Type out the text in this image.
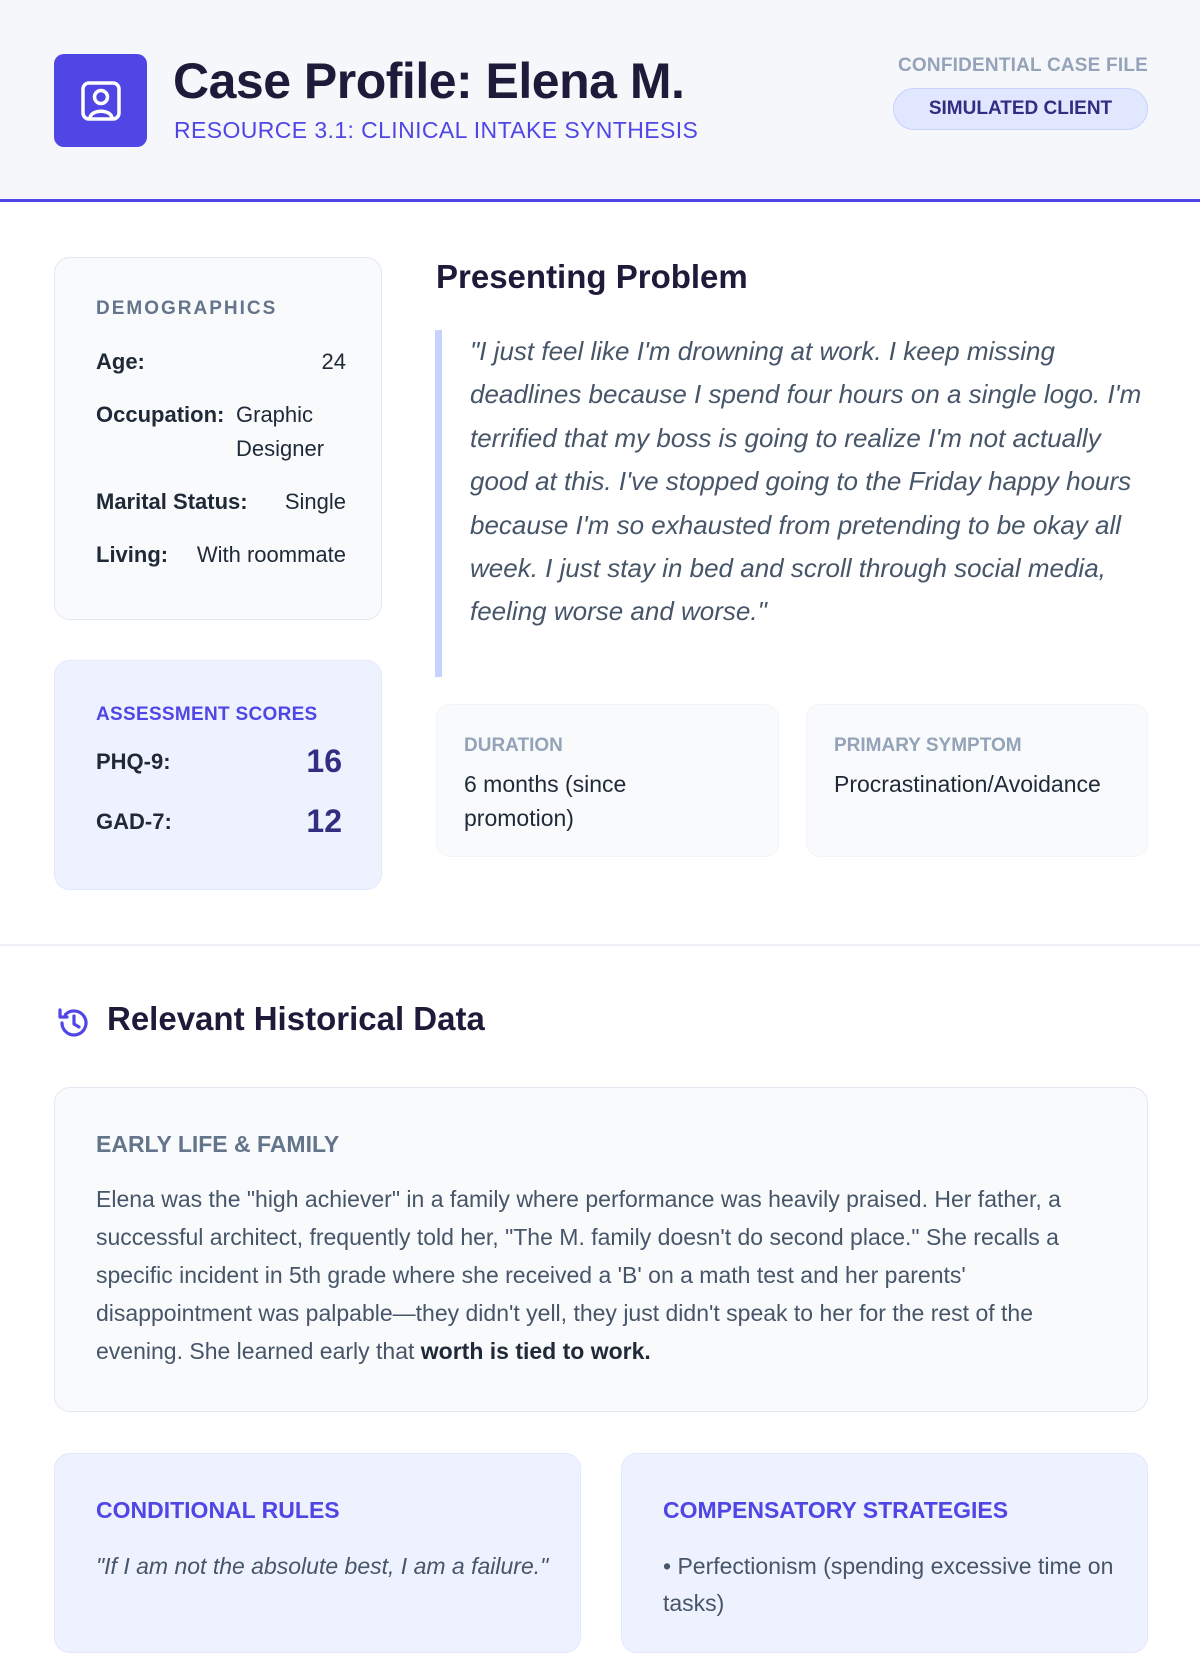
Case Profile: Elena M.
RESOURCE 3.1: CLINICAL INTAKE SYNTHESIS
CONFIDENTIAL CASE FILE
SIMULATED CLIENT
DEMOGRAPHICS
Age:	24
Occupation: Graphic Designer
Marital Status: Single
Living: With roommate
ASSESSMENT SCORES
PHQ-9:	16
GAD-7:	12
Presenting Problem
"I just feel like I'm drowning at work. I keep missing deadlines because I spend four hours on a single logo. I'm terrified that my boss is going to realize I'm not actually good at this. I've stopped going to the Friday happy hours because I'm so exhausted from pretending to be okay all week. I just stay in bed and scroll through social media, feeling worse and worse."
DURATION
6 months (since promotion)
PRIMARY SYMPTOM
Procrastination/Avoidance
Relevant Historical Data
EARLY LIFE & FAMILY
Elena was the "high achiever" in a family where performance was heavily praised. Her father, a successful architect, frequently told her, "The M. family doesn't do second place." She recalls a specific incident in 5th grade where she received a 'B' on a math test and her parents' disappointment was palpable—they didn't yell, they just didn't speak to her for the rest of the evening. She learned early that worth is tied to work.
CONDITIONAL RULES
"If I am not the absolute best, I am a failure."
COMPENSATORY STRATEGIES
• Perfectionism (spending excessive time on tasks)
